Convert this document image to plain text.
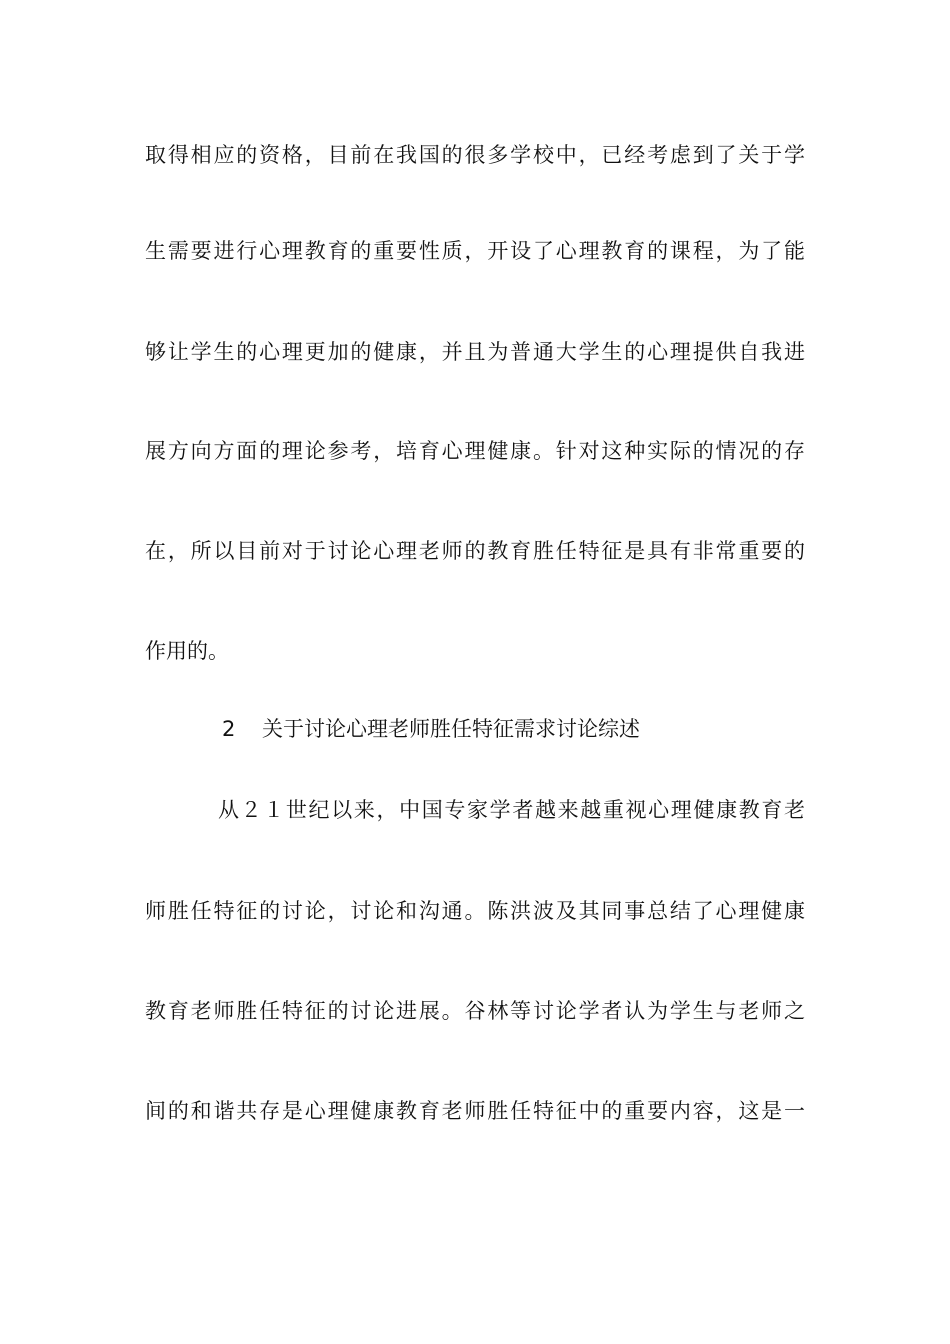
取得相应的资格，目前在我国的很多学校中，已经考虑到了关于学
生需要进行心理教育的重要性质，开设了心理教育的课程，为了能
够让学生的心理更加的健康，并且为普通大学生的心理提供自我进
展方向方面的理论参考，培育心理健康。针对这种实际的情况的存
在，所以目前对于讨论心理老师的教育胜任特征是具有非常重要的
作用的。
2 关于讨论心理老师胜任特征需求讨论综述
从２１世纪以来，中国专家学者越来越重视心理健康教育老
师胜任特征的讨论，讨论和沟通。陈洪波及其同事总结了心理健康
教育老师胜任特征的讨论进展。谷林等讨论学者认为学生与老师之
间的和谐共存是心理健康教育老师胜任特征中的重要内容，这是一
